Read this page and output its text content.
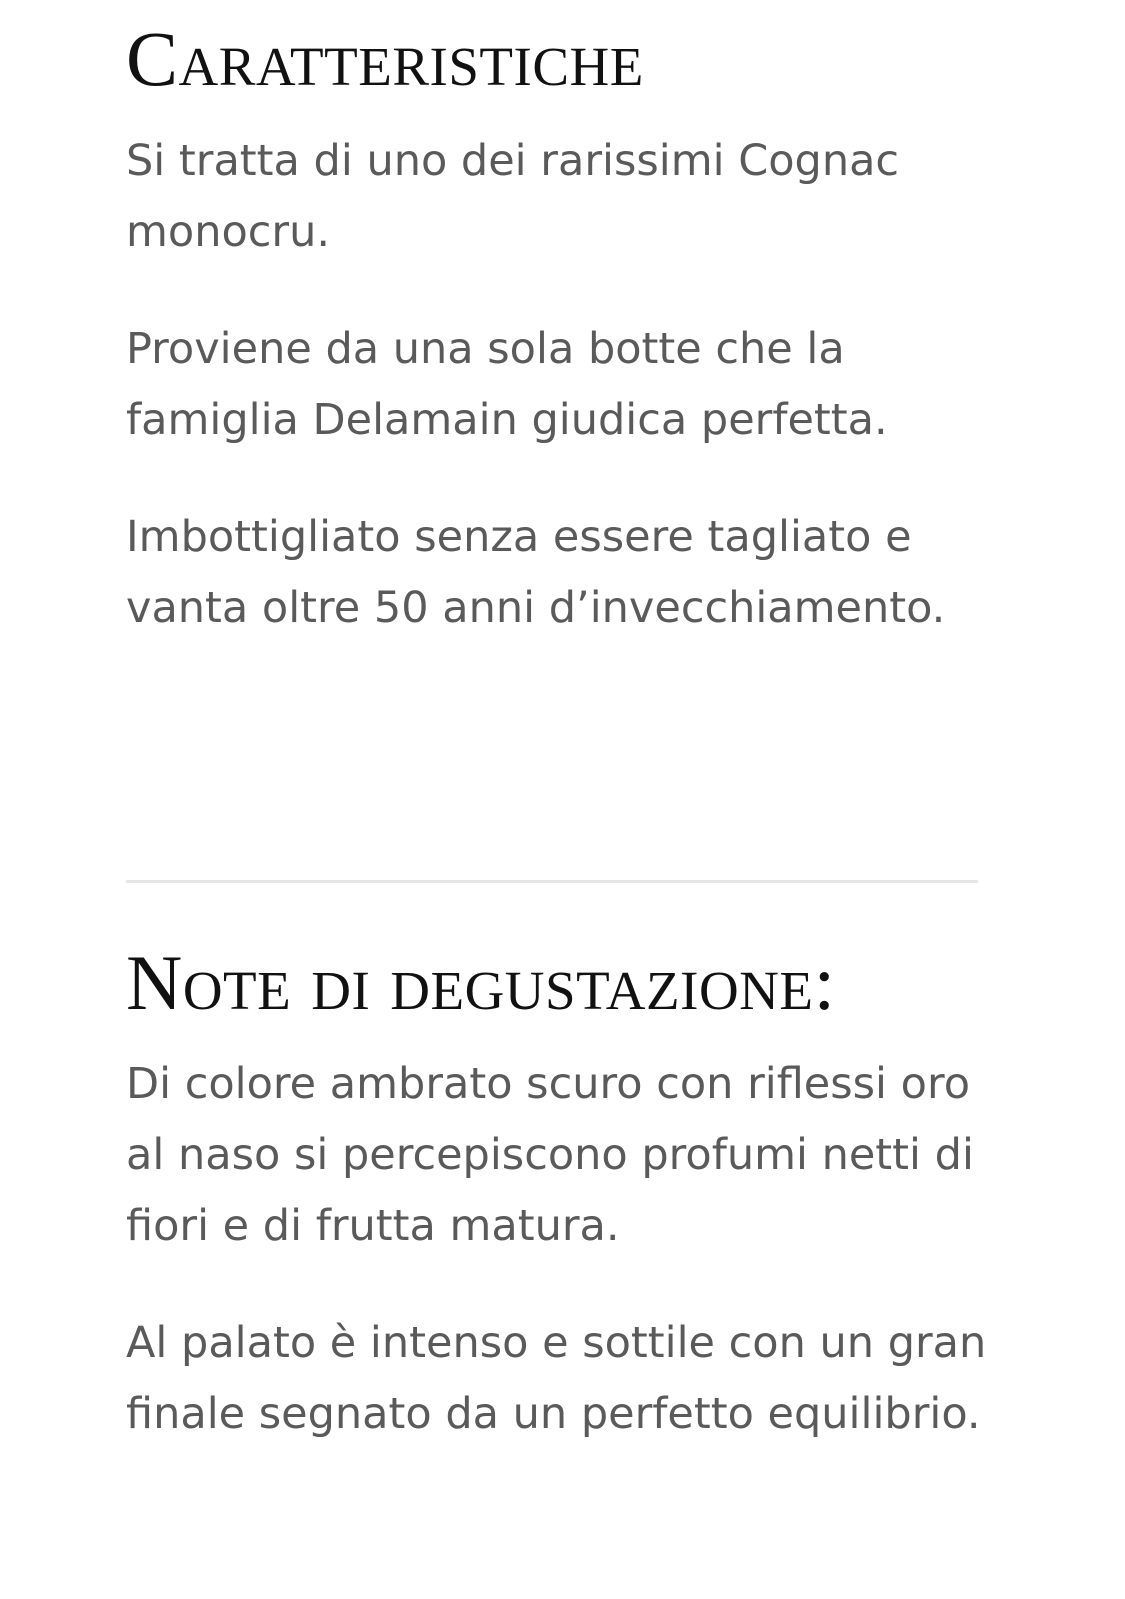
Caratteristiche

Si tratta di uno dei rarissimi Cognac monocru.

Proviene da una sola botte che la famiglia Delamain giudica perfetta.

Imbottigliato senza essere tagliato e vanta oltre 50 anni d’invecchiamento.

Note di degustazione:

Di colore ambrato scuro con riflessi oro al naso si percepiscono profumi netti di fiori e di frutta matura.

Al palato è intenso e sottile con un gran finale segnato da un perfetto equilibrio.
